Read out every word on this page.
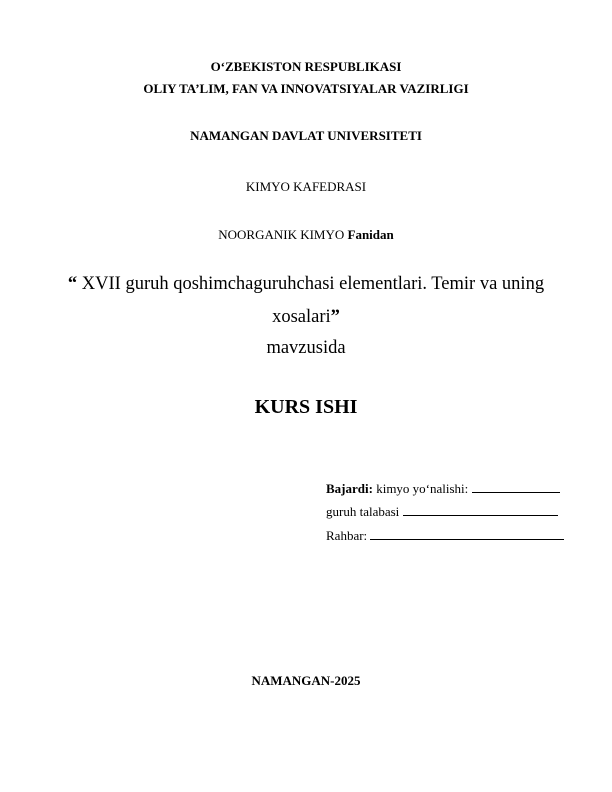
O‘ZBEKISTON RESPUBLIKASI
OLIY TA’LIM, FAN VA INNOVATSIYALAR VAZIRLIGI
NAMANGAN DAVLAT UNIVERSITETI
KIMYO KAFEDRASI
NOORGANIK KIMYO Fanidan
“ XVII guruh qoshimchaguruhchasi elementlari. Temir va uning
xosalari”
mavzusida
KURS ISHI
Bajardi: kimyo yo‘nalishi:
guruh talabasi
Rahbar:
NAMANGAN-2025
